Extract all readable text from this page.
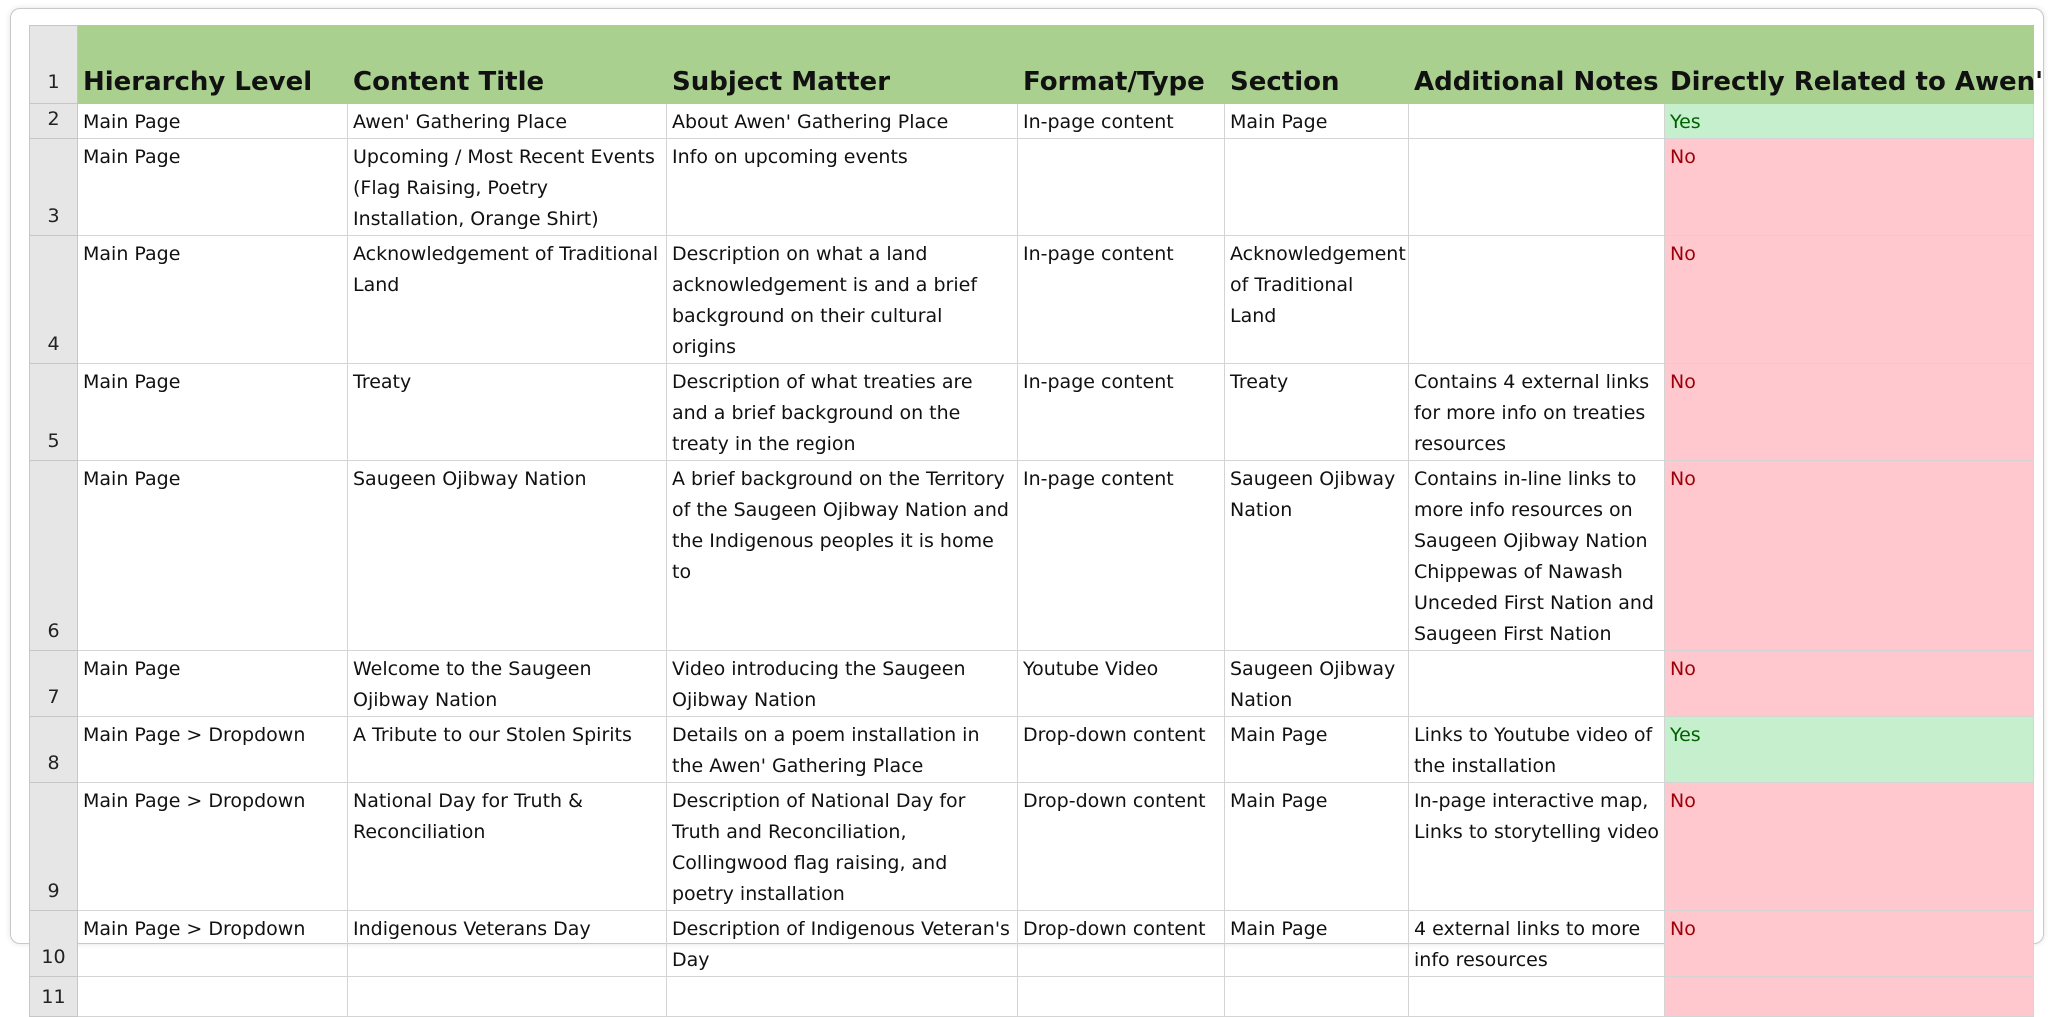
1	Hierarchy Level	Content Title	Subject Matter	Format/Type	Section	Additional Notes	Directly Related to Awen'
2	Main Page	Awen' Gathering Place	About Awen' Gathering Place	In-page content	Main Page		Yes
3	Main Page	Upcoming / Most Recent Events (Flag Raising, Poetry Installation, Orange Shirt)	Info on upcoming events				No
4	Main Page	Acknowledgement of Traditional Land	Description on what a land acknowledgement is and a brief background on their cultural origins	In-page content	Acknowledgement of Traditional Land		No
5	Main Page	Treaty	Description of what treaties are and a brief background on the treaty in the region	In-page content	Treaty	Contains 4 external links for more info on treaties resources	No
6	Main Page	Saugeen Ojibway Nation	A brief background on the Territory of the Saugeen Ojibway Nation and the Indigenous peoples it is home to	In-page content	Saugeen Ojibway Nation	Contains in-line links to more info resources on Saugeen Ojibway Nation Chippewas of Nawash Unceded First Nation and Saugeen First Nation	No
7	Main Page	Welcome to the Saugeen Ojibway Nation	Video introducing the Saugeen Ojibway Nation	Youtube Video	Saugeen Ojibway Nation		No
8	Main Page > Dropdown	A Tribute to our Stolen Spirits	Details on a poem installation in the Awen' Gathering Place	Drop-down content	Main Page	Links to Youtube video of the installation	Yes
9	Main Page > Dropdown	National Day for Truth & Reconciliation	Description of National Day for Truth and Reconciliation, Collingwood flag raising, and poetry installation	Drop-down content	Main Page	In-page interactive map, Links to storytelling video	No
10	Main Page > Dropdown	Indigenous Veterans Day	Description of Indigenous Veteran's Day	Drop-down content	Main Page	4 external links to more info resources	No
11							
